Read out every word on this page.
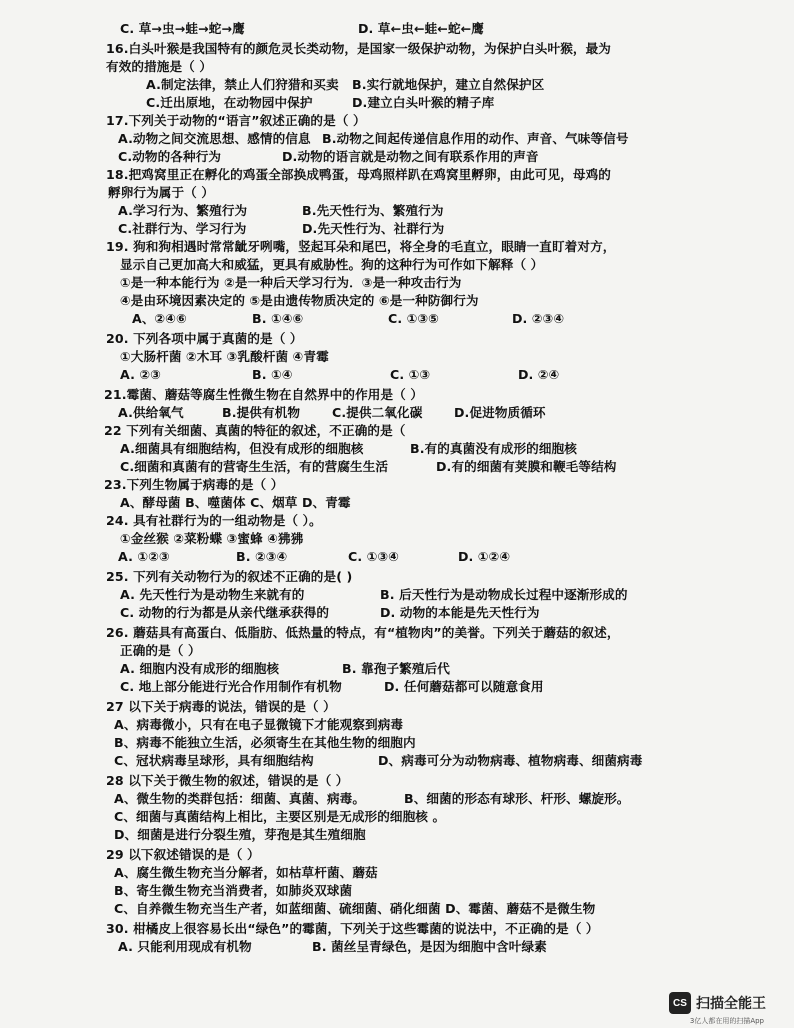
C. 草→虫→蛙→蛇→鹰	D. 草←虫←蛙←蛇←鹰
16.白头叶猴是我国特有的颜危灵长类动物，是国家一级保护动物，为保护白头叶猴，最为
有效的措施是（ ）
A.制定法律，禁止人们狩猎和买卖 B.实行就地保护，建立自然保护区
C.迁出原地，在动物园中保护	D.建立白头叶猴的精子库
17.下列关于动物的“语言”叙述正确的是（ ）
A.动物之间交流思想、感情的信息 B.动物之间起传递信息作用的动作、声音、气味等信号
C.动物的各种行为	D.动物的语言就是动物之间有联系作用的声音
18.把鸡窝里正在孵化的鸡蛋全部换成鸭蛋，母鸡照样趴在鸡窝里孵卵，由此可见，母鸡的
孵卵行为属于（ ）
A.学习行为、繁殖行为	B.先天性行为、繁殖行为
C.社群行为、学习行为	D.先天性行为、社群行为
19. 狗和狗相遇时常常龇牙咧嘴，竖起耳朵和尾巴，将全身的毛直立，眼睛一直盯着对方，
显示自己更加高大和威猛，更具有威胁性。狗的这种行为可作如下解释（ ）
①是一种本能行为 ②是一种后天学习行为．③是一种攻击行为
④是由环境因素决定的 ⑤是由遗传物质决定的 ⑥是一种防御行为
A、②④⑥	B. ①④⑥	C. ①③⑤	D. ②③④
20. 下列各项中属于真菌的是（ ）
①大肠杆菌 ②木耳 ③乳酸杆菌 ④青霉
A. ②③	B. ①④	C. ①③	D. ②④
21.霉菌、蘑菇等腐生性微生物在自然界中的作用是（ ）
A.供给氧气	B.提供有机物	C.提供二氧化碳	D.促进物质循环
22 下列有关细菌、真菌的特征的叙述，不正确的是（
A.细菌具有细胞结构，但没有成形的细胞核	B.有的真菌没有成形的细胞核
C.细菌和真菌有的营寄生生活，有的营腐生生活	D.有的细菌有荚膜和鞭毛等结构
23.下列生物属于病毒的是（ ）
A、酵母菌 B、噬菌体 C、烟草 D、青霉
24. 具有社群行为的一组动物是（ ）。
①金丝猴 ②菜粉蝶 ③蜜蜂 ④狒狒
A. ①②③	B. ②③④	C. ①③④	D. ①②④
25. 下列有关动物行为的叙述不正确的是( )
A. 先天性行为是动物生来就有的	B. 后天性行为是动物成长过程中逐渐形成的
C. 动物的行为都是从亲代继承获得的	D. 动物的本能是先天性行为
26. 蘑菇具有高蛋白、低脂肪、低热量的特点，有“植物肉”的美誉。下列关于蘑菇的叙述，
正确的是（ ）
A. 细胞内没有成形的细胞核	B. 靠孢子繁殖后代
C. 地上部分能进行光合作用制作有机物	D. 任何蘑菇都可以随意食用
27 以下关于病毒的说法，错误的是（ ）
A、病毒微小，只有在电子显微镜下才能观察到病毒
B、病毒不能独立生活，必须寄生在其他生物的细胞内
C、冠状病毒呈球形，具有细胞结构	D、病毒可分为动物病毒、植物病毒、细菌病毒
28 以下关于微生物的叙述，错误的是（ ）
A、微生物的类群包括：细菌、真菌、病毒。	B、细菌的形态有球形、杆形、螺旋形。
C、细菌与真菌结构上相比，主要区别是无成形的细胞核 。
D、细菌是进行分裂生殖，芽孢是其生殖细胞
29 以下叙述错误的是（ ）
A、腐生微生物充当分解者，如枯草杆菌、蘑菇
B、寄生微生物充当消费者，如肺炎双球菌
C、自养微生物充当生产者，如蓝细菌、硫细菌、硝化细菌 D、霉菌、蘑菇不是微生物
30. 柑橘皮上很容易长出“绿色”的霉菌，下列关于这些霉菌的说法中，不正确的是（ ）
A. 只能利用现成有机物	B. 菌丝呈青绿色，是因为细胞中含叶绿素
CS 扫描全能王
3亿人都在用的扫描App
